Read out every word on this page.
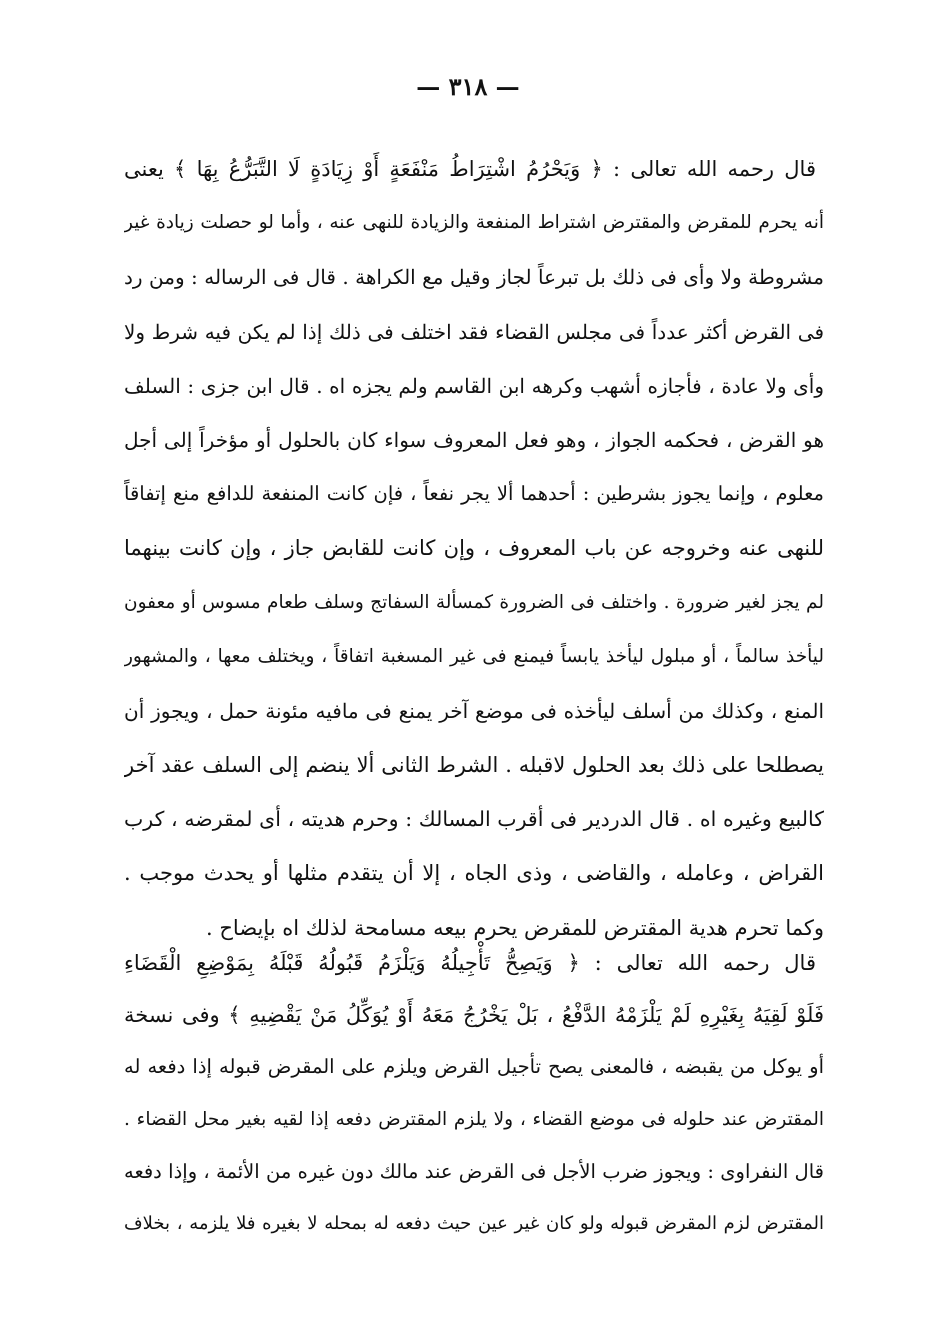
— ٣١٨ —
قال رحمه الله تعالى : ﴿ وَيَحْرُمُ اشْتِرَاطُ مَنْفَعَةٍ أَوْ زِيَادَةٍ لَا التَّبَرُّعُ بِهَا ﴾ يعنى
أنه يحرم للمقرض والمقترض اشتراط المنفعة والزيادة للنهى عنه ، وأما لو حصلت زيادة غير
مشروطة ولا وأى فى ذلك بل تبرعاً لجاز وقيل مع الكراهة . قال فى الرساله : ومن رد
فى القرض أكثر عدداً فى مجلس القضاء فقد اختلف فى ذلك إذا لم يكن فيه شرط ولا
وأى ولا عادة ، فأجازه أشهب وكرهه ابن القاسم ولم يجزه اه . قال ابن جزى : السلف
هو القرض ، فحكمه الجواز ، وهو فعل المعروف سواء كان بالحلول أو مؤخراً إلى أجل
معلوم ، وإنما يجوز بشرطين : أحدهما ألا يجر نفعاً ، فإن كانت المنفعة للدافع منع إتفاقاً
للنهى عنه وخروجه عن باب المعروف ، وإن كانت للقابض جاز ، وإن كانت بينهما
لم يجز لغير ضرورة . واختلف فى الضرورة كمسألة السفاتج وسلف طعام مسوس أو معفون
ليأخذ سالماً ، أو مبلول ليأخذ يابساً فيمنع فى غير المسغبة اتفاقاً ، ويختلف معها ، والمشهور
المنع ، وكذلك من أسلف ليأخذه فى موضع آخر يمنع فى مافيه مئونة حمل ، ويجوز أن
يصطلحا على ذلك بعد الحلول لاقبله . الشرط الثانى ألا ينضم إلى السلف عقد آخر
كالبيع وغيره اه . قال الدردير فى أقرب المسالك : وحرم هديته ، أى لمقرضه ، كرب
القراض ، وعامله ، والقاضى ، وذى الجاه ، إلا أن يتقدم مثلها أو يحدث موجب .
وكما تحرم هدية المقترض للمقرض يحرم بيعه مسامحة لذلك اه بإيضاح .
قال رحمه الله تعالى : ﴿ وَيَصِحُّ تَأْجِيلُهُ وَيَلْزَمُ قَبُولُهُ قَبْلَهُ بِمَوْضِعِ الْقَضَاءِ
فَلَوْ لَقِيَهُ بِغَيْرِهِ لَمْ يَلْزَمْهُ الدَّفْعُ ، بَلْ يَخْرُجُ مَعَهُ أَوْ يُوَكِّلُ مَنْ يَقْضِيهِ ﴾ وفى نسخة
أو يوكل من يقبضه ، فالمعنى يصح تأجيل القرض ويلزم على المقرض قبوله إذا دفعه له
المقترض عند حلوله فى موضع القضاء ، ولا يلزم المقترض دفعه إذا لقيه بغير محل القضاء .
قال النفراوى : ويجوز ضرب الأجل فى القرض عند مالك دون غيره من الأئمة ، وإذا دفعه
المقترض لزم المقرض قبوله ولو كان غير عين حيث دفعه له بمحله لا بغيره فلا يلزمه ، بخلاف
